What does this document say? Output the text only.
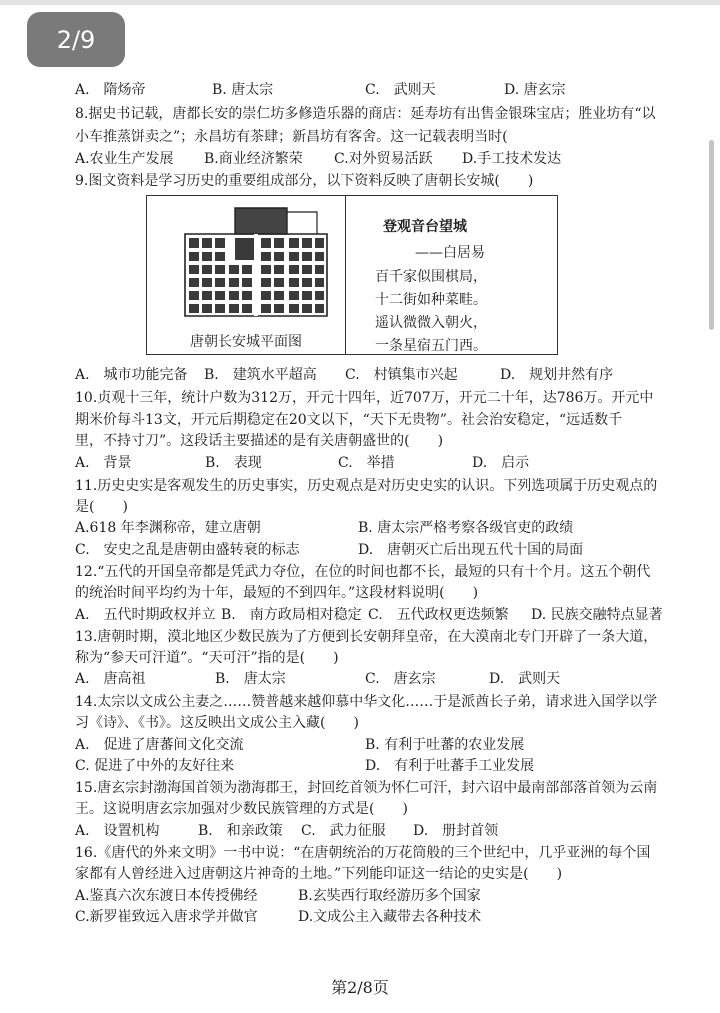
2/9
A.　隋炀帝	B. 唐太宗	C.　武则天	D. 唐玄宗
8.据史书记载，唐都长安的崇仁坊多修造乐器的商店：延寿坊有出售金银珠宝店；胜业坊有“以
小车推蒸饼卖之”；永昌坊有茶肆；新昌坊有客舍。这一记载表明当时(
A.农业生产发展 B.商业经济繁荣 C.对外贸易活跃 D.手工技术发达
9.图文资料是学习历史的重要组成部分，以下资料反映了唐朝长安城(　　)
唐朝长安城平面图
登观音台望城
——白居易
百千家似围棋局，
十二街如种菜畦。
遥认微微入朝火，
一条星宿五门西。
A.　城市功能完备 B.　建筑水平超高 C.　村镇集市兴起	D.　规划井然有序
10.贞观十三年，统计户数为312万，开元十四年，近707万，开元二十年，达786万。开元中
期米价每斗13文，开元后期稳定在20文以下，“天下无贵物”。社会治安稳定，“远适数千
里，不持寸刀”。这段话主要描述的是有关唐朝盛世的(　　)
A.　背景	B.　表现	C.　举措	D.　启示
11.历史史实是客观发生的历史事实，历史观点是对历史史实的认识。下列选项属于历史观点的
是(　　)
A.618 年李渊称帝，建立唐朝	B. 唐太宗严格考察各级官吏的政绩
C.　安史之乱是唐朝由盛转衰的标志	D.　唐朝灭亡后出现五代十国的局面
12.“五代的开国皇帝都是凭武力夺位，在位的时间也都不长，最短的只有十个月。这五个朝代
的统治时间平均约为十年，最短的不到四年。”这段材料说明(　　)
A.　五代时期政权并立 B.　南方政局相对稳定 C.　五代政权更迭频繁 D. 民族交融特点显著
13.唐朝时期，漠北地区少数民族为了方便到长安朝拜皇帝，在大漠南北专门开辟了一条大道，
称为“参天可汗道”。“天可汗”指的是(　　)
A.　唐高祖	B.　唐太宗	C.　唐玄宗	D.　武则天
14.太宗以文成公主妻之……赞普越来越仰慕中华文化……于是派酋长子弟，请求进入国学以学
习《诗》、《书》。这反映出文成公主入藏(　　)
A.　促进了唐蕃间文化交流	B. 有利于吐蕃的农业发展
C. 促进了中外的友好往来	D.　有利于吐蕃手工业发展
15.唐玄宗封渤海国首领为渤海郡王，封回纥首领为怀仁可汗，封六诏中最南部部落首领为云南
王。这说明唐玄宗加强对少数民族管理的方式是(　　)
A.　设置机构	B.　和亲政策 C.　武力征服 D.　册封首领
16.《唐代的外来文明》一书中说：“在唐朝统治的万花筒般的三个世纪中，几乎亚洲的每个国
家都有人曾经进入过唐朝这片神奇的土地。”下列能印证这一结论的史实是(　　)
A.鉴真六次东渡日本传授佛经	B.玄奘西行取经游历多个国家
C.新罗崔致远入唐求学并做官	D.文成公主入藏带去各种技术
第2/8页
